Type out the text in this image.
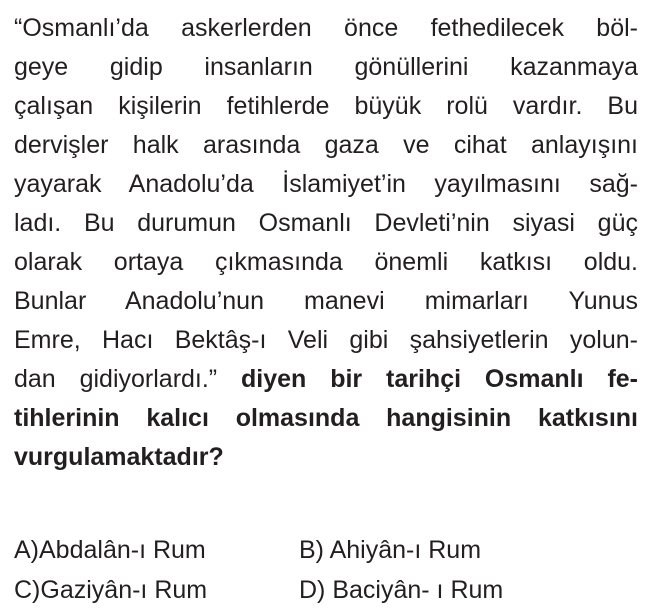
“Osmanlı’da askerlerden önce fethedilecek böl-
geye gidip insanların gönüllerini kazanmaya
çalışan kişilerin fetihlerde büyük rolü vardır. Bu
dervişler halk arasında gaza ve cihat anlayışını
yayarak Anadolu’da İslamiyet’in yayılmasını sağ-
ladı. Bu durumun Osmanlı Devleti’nin siyasi güç
olarak ortaya çıkmasında önemli katkısı oldu.
Bunlar Anadolu’nun manevi mimarları Yunus
Emre, Hacı Bektâş-ı Veli gibi şahsiyetlerin yolun-
dan gidiyorlardı.” diyen bir tarihçi Osmanlı fe-
tihlerinin kalıcı olmasında hangisinin katkısını
vurgulamaktadır?
A)Abdalân-ı Rum	B) Ahiyân-ı Rum
C)Gaziyân-ı Rum	D) Baciyân- ı Rum
